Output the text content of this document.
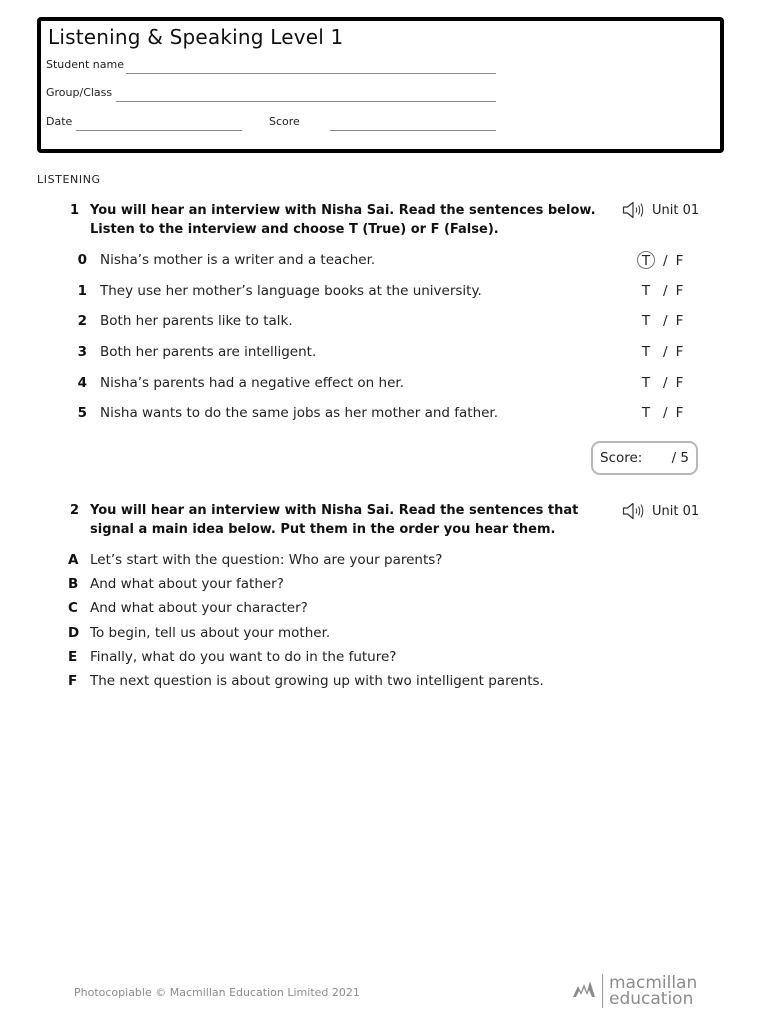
Listening & Speaking Level 1
Student name
Group/Class
Date	Score
LISTENING
1 You will hear an interview with Nisha Sai. Read the sentences below. Listen to the interview and choose T (True) or F (False).
Unit 01
0 Nisha’s mother is a writer and a teacher.	T / F
1 They use her mother’s language books at the university.	T / F
2 Both her parents like to talk.	T / F
3 Both her parents are intelligent.	T / F
4 Nisha’s parents had a negative effect on her.	T / F
5 Nisha wants to do the same jobs as her mother and father.	T / F
Score: / 5
2 You will hear an interview with Nisha Sai. Read the sentences that signal a main idea below. Put them in the order you hear them.
Unit 01
A Let’s start with the question: Who are your parents?
B And what about your father?
C And what about your character?
D To begin, tell us about your mother.
E Finally, what do you want to do in the future?
F The next question is about growing up with two intelligent parents.
Photocopiable © Macmillan Education Limited 2021	macmillan
education
